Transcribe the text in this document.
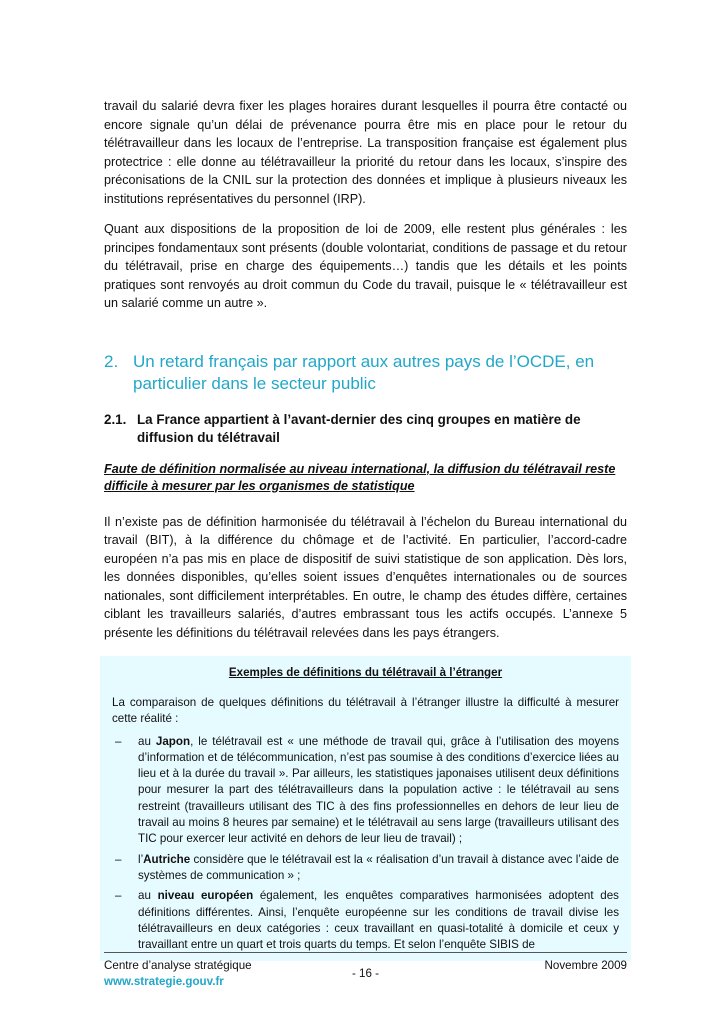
travail du salarié devra fixer les plages horaires durant lesquelles il pourra être contacté ou encore signale qu’un délai de prévenance pourra être mis en place pour le retour du télétravailleur dans les locaux de l’entreprise. La transposition française est également plus protectrice : elle donne au télétravailleur la priorité du retour dans les locaux, s’inspire des préconisations de la CNIL sur la protection des données et implique à plusieurs niveaux les institutions représentatives du personnel (IRP).

Quant aux dispositions de la proposition de loi de 2009, elle restent plus générales : les principes fondamentaux sont présents (double volontariat, conditions de passage et du retour du télétravail, prise en charge des équipements…) tandis que les détails et les points pratiques sont renvoyés au droit commun du Code du travail, puisque le « télétravailleur est un salarié comme un autre ».

2. Un retard français par rapport aux autres pays de l’OCDE, en particulier dans le secteur public
2.1. La France appartient à l’avant-dernier des cinq groupes en matière de diffusion du télétravail
Faute de définition normalisée au niveau international, la diffusion du télétravail reste difficile à mesurer par les organismes de statistique

Il n’existe pas de définition harmonisée du télétravail à l’échelon du Bureau international du travail (BIT), à la différence du chômage et de l’activité. En particulier, l’accord-cadre européen n’a pas mis en place de dispositif de suivi statistique de son application. Dès lors, les données disponibles, qu’elles soient issues d’enquêtes internationales ou de sources nationales, sont difficilement interprétables. En outre, le champ des études diffère, certaines ciblant les travailleurs salariés, d’autres embrassant tous les actifs occupés. L’annexe 5 présente les définitions du télétravail relevées dans les pays étrangers.

Exemples de définitions du télétravail à l’étranger

La comparaison de quelques définitions du télétravail à l’étranger illustre la difficulté à mesurer cette réalité :

–	au Japon, le télétravail est « une méthode de travail qui, grâce à l’utilisation des moyens d’information et de télécommunication, n’est pas soumise à des conditions d’exercice liées au lieu et à la durée du travail ». Par ailleurs, les statistiques japonaises utilisent deux définitions pour mesurer la part des télétravailleurs dans la population active : le télétravail au sens restreint (travailleurs utilisant des TIC à des fins professionnelles en dehors de leur lieu de travail au moins 8 heures par semaine) et le télétravail au sens large (travailleurs utilisant des TIC pour exercer leur activité en dehors de leur lieu de travail) ;
–	l’Autriche considère que le télétravail est la « réalisation d’un travail à distance avec l’aide de systèmes de communication » ;
–	au niveau européen également, les enquêtes comparatives harmonisées adoptent des définitions différentes. Ainsi, l’enquête européenne sur les conditions de travail divise les télétravailleurs en deux catégories : ceux travaillant en quasi-totalité à domicile et ceux y travaillant entre un quart et trois quarts du temps. Et selon l’enquête SIBIS de
Centre d’analyse stratégique
www.strategie.gouv.fr
- 16 -
Novembre 2009
